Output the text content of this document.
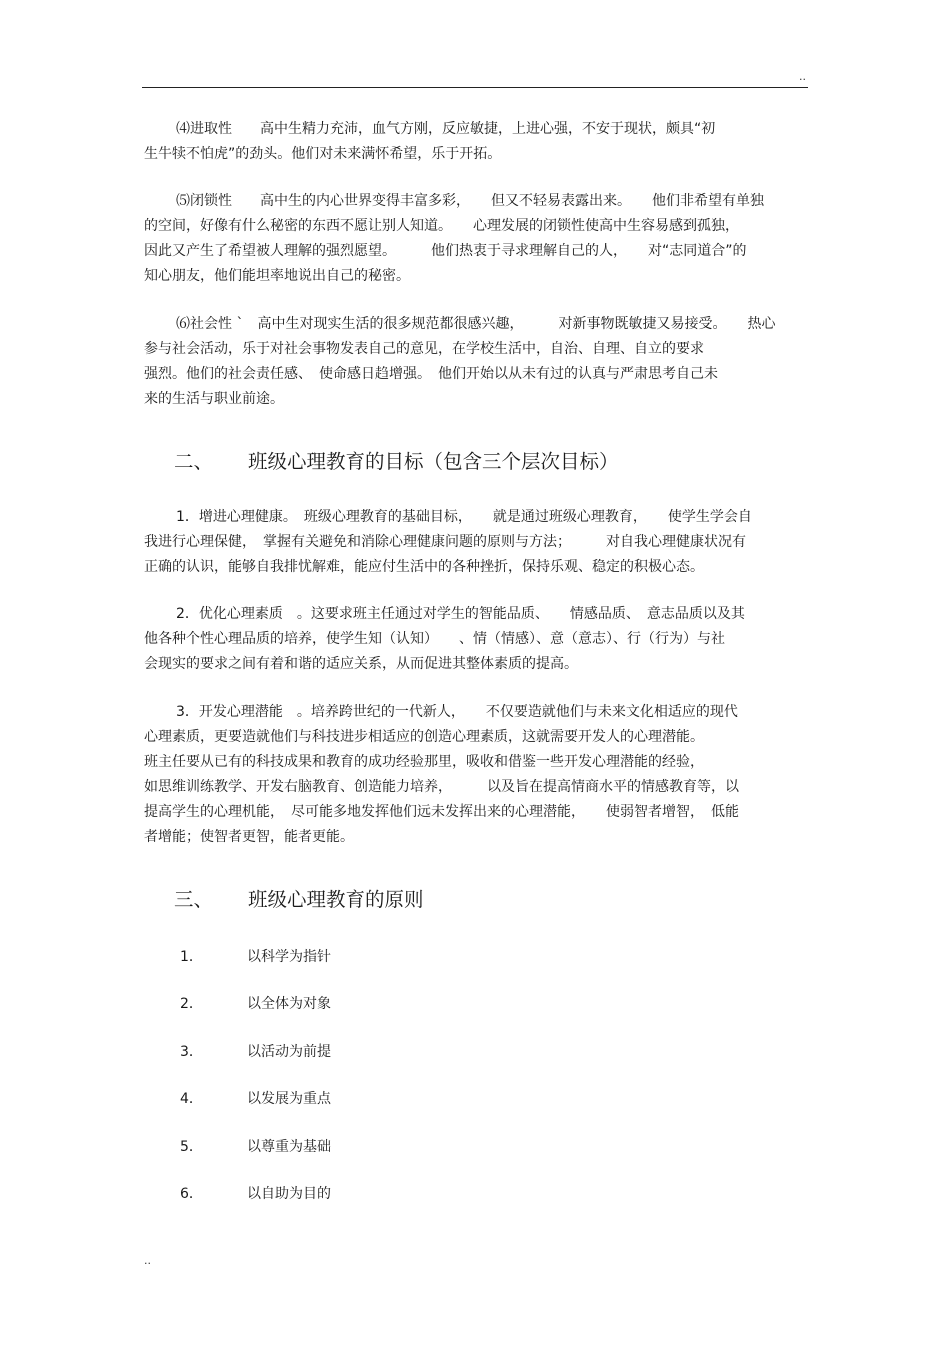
..
⑷进取性　　高中生精力充沛，血气方刚，反应敏捷，上进心强，不安于现状，颇具“初
生牛犊不怕虎”的劲头。他们对未来满怀希望，乐于开拓。
⑸闭锁性　　高中生的内心世界变得丰富多彩，　　但又不轻易表露出来。　　他们非希望有单独
的空间，好像有什么秘密的东西不愿让别人知道。　　心理发展的闭锁性使高中生容易感到孤独，
因此又产生了希望被人理解的强烈愿望。　　　他们热衷于寻求理解自己的人，　　对“志同道合”的
知心朋友，他们能坦率地说出自己的秘密。
⑹社会性 `　高中生对现实生活的很多规范都很感兴趣，　　　对新事物既敏捷又易接受。　　热心
参与社会活动，乐于对社会事物发表自己的意见，在学校生活中，自治、自理、自立的要求
强烈。他们的社会责任感、　使命感日趋增强。　他们开始以从未有过的认真与严肃思考自己未
来的生活与职业前途。
二、 班级心理教育的目标（包含三个层次目标）
1．增进心理健康。　班级心理教育的基础目标，　　就是通过班级心理教育，　　使学生学会自
我进行心理保健，　掌握有关避免和消除心理健康问题的原则与方法；　　　对自我心理健康状况有
正确的认识，能够自我排忧解难，能应付生活中的各种挫折，保持乐观、稳定的积极心态。
2．优化心理素质　。这要求班主任通过对学生的智能品质、　　情感品质、　意志品质以及其
他各种个性心理品质的培养，使学生知（认知）　　、情（情感）、意（意志）、行（行为）与社
会现实的要求之间有着和谐的适应关系，从而促进其整体素质的提高。
3．开发心理潜能　。培养跨世纪的一代新人，　　不仅要造就他们与未来文化相适应的现代
心理素质，更要造就他们与科技进步相适应的创造心理素质，这就需要开发人的心理潜能。
班主任要从已有的科技成果和教育的成功经验那里，吸收和借鉴一些开发心理潜能的经验，
如思维训练教学、开发右脑教育、创造能力培养，　　　以及旨在提高情商水平的情感教育等，以
提高学生的心理机能，　尽可能多地发挥他们远未发挥出来的心理潜能，　　使弱智者增智，　低能
者增能；使智者更智，能者更能。
三、 班级心理教育的原则
1．	以科学为指针
2．	以全体为对象
3．	以活动为前提
4．	以发展为重点
5．	以尊重为基础
6．	以自助为目的
..
